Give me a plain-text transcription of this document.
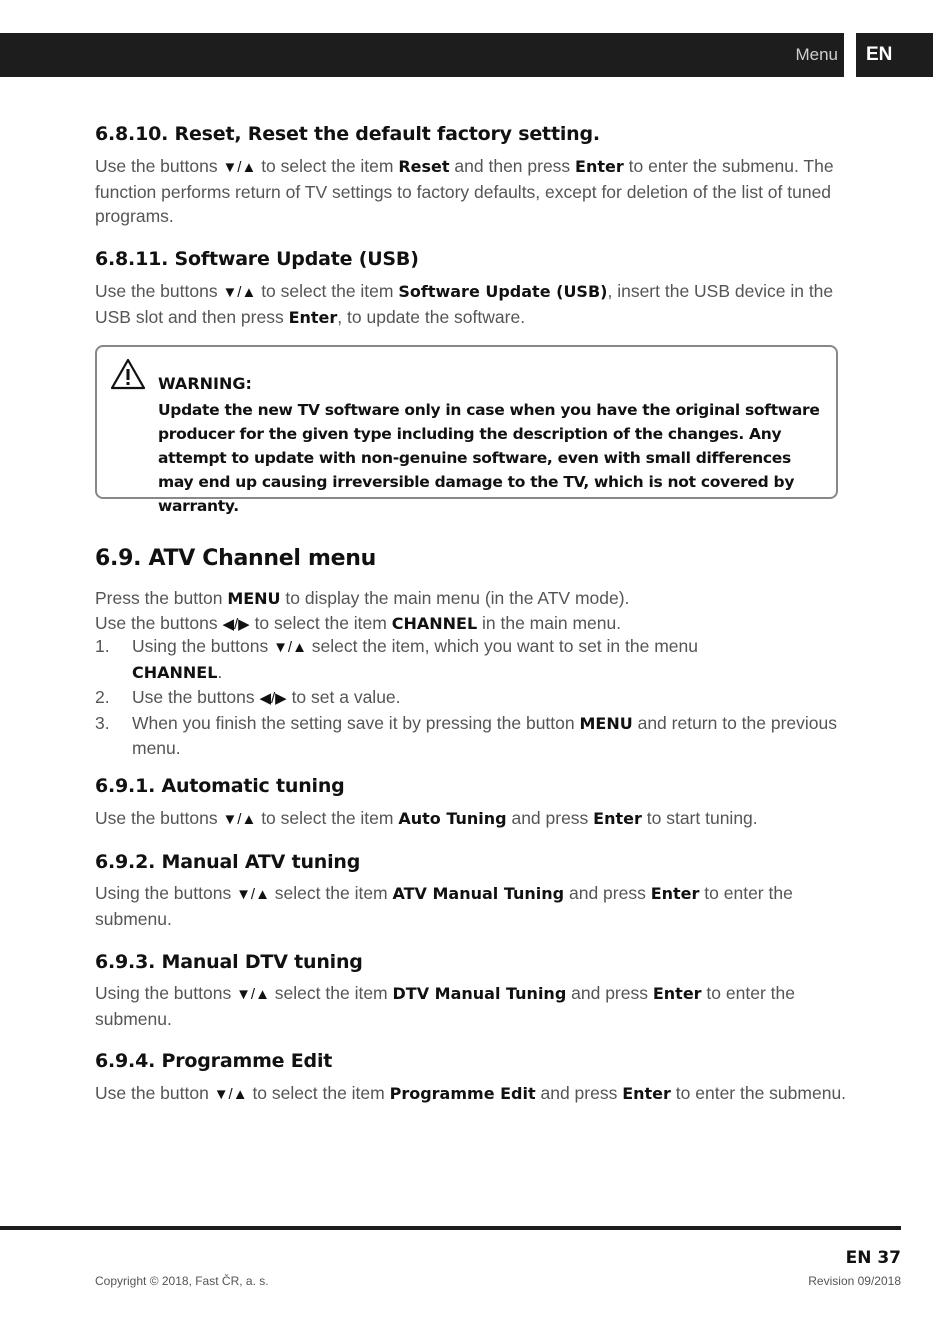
Menu EN
6.8.10. Reset, Reset the default factory setting.

Use the buttons ▼/▲ to select the item Reset and then press Enter to enter the submenu. The function performs return of TV settings to factory defaults, except for deletion of the list of tuned programs.

6.8.11. Software Update (USB)

Use the buttons ▼/▲ to select the item Software Update (USB), insert the USB device in the USB slot and then press Enter, to update the software.

WARNING:
Update the new TV software only in case when you have the original software producer for the given type including the description of the changes. Any attempt to update with non-genuine software, even with small differences may end up causing irreversible damage to the TV, which is not covered by warranty.
6.9. ATV Channel menu

Press the button MENU to display the main menu (in the ATV mode).
Use the buttons ◀/▶ to select the item CHANNEL in the main menu.

1. Using the buttons ▼/▲ select the item, which you want to set in the menu
CHANNEL.
2. Use the buttons ◀/▶ to set a value.
3. When you finish the setting save it by pressing the button MENU and return to the previous menu.
6.9.1. Automatic tuning

Use the buttons ▼/▲ to select the item Auto Tuning and press Enter to start tuning.

6.9.2. Manual ATV tuning

Using the buttons ▼/▲ select the item ATV Manual Tuning and press Enter to enter the submenu.

6.9.3. Manual DTV tuning

Using the buttons ▼/▲ select the item DTV Manual Tuning and press Enter to enter the submenu.

6.9.4. Programme Edit

Use the button ▼/▲ to select the item Programme Edit and press Enter to enter the submenu.

EN 37
Copyright © 2018, Fast ČR, a. s.	Revision 09/2018
